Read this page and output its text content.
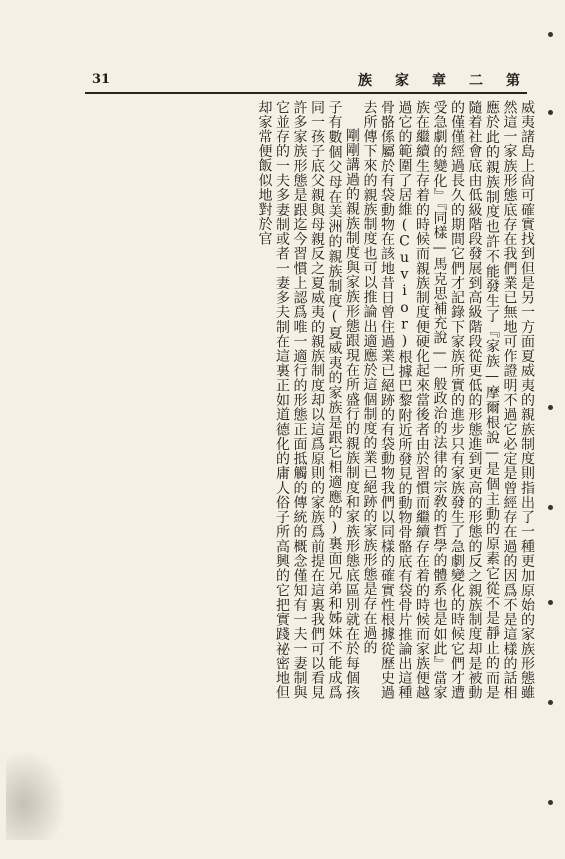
31	第
二
章
家
族

威夷諸島上尙可確實找到但是另一方面夏威夷的親族制度則指出了一種更加原始的家族形態雖然這一家族形態底存在我們業已無地可作證明不過它必定是曾經存在過的因爲不是這樣的話相應於此的親族制度也許不能發生了『家族—摩爾根說—是個主動的原素它從不是靜止的而是隨着社會底由低級階段發展到高級階段從更低的形態進到更高的形態的反之親族制度却是被動的僅僅經過長久的期間它們才記錄下家族所實的進步只有家族發生了急劇變化的時候它們才遭受急劇的變化』『同樣—馬克思補充說—一般政治的法律的宗敎的哲學的體系也是如此』當家族在繼續生存着的時候而親族制度便硬化起來當後者由於習慣而繼續存在着的時候而家族便越過它的範圍了居維(Cuvior)根據巴黎附近所發見的動物骨骼底有袋骨片推論出這種骨骼係屬於有袋動物在該地昔日曾住過業已絕跡的有袋動物我們以同樣的確實性根據從歷史過去所傳下來的親族制度也可以推論出適應於這個制度的業已絕跡的家族形態是存在過的

剛剛講過的親族制度與家族形態跟現在所盛行的親族制度和家族形態底區別就在於每個孩子有數個父母在美洲的親族制度(夏威夷的家族是跟它相適應的)裏面兄弟和姊妹不能成爲同一孩子底父親與母親反之夏威夷的親族制度却以這爲原則的家族爲前提在這裏我們可以看見許多家族形態是跟迄今習慣上認爲唯一適行的形態正面抵觸的傳統的概念僅知有一夫一妻制與它並存的一夫多妻制或者一妻多夫制在這裏正如道德化的庸人俗子所高興的它把實踐祕密地但却家常便飯似地對於官
